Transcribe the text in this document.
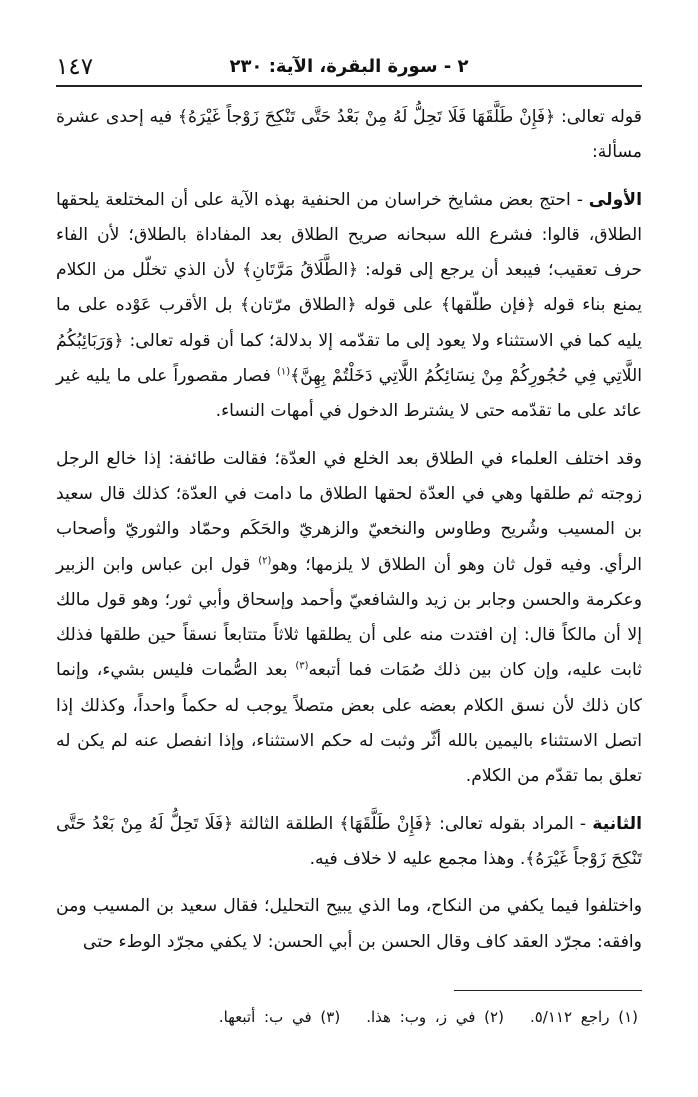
١٤٧	٢ - سورة البقرة، الآية: ٢٣٠

قوله تعالى: ﴿فَإِنْ طَلَّقَهَا فَلَا تَحِلُّ لَهُ مِنْ بَعْدُ حَتَّى تَنْكِحَ زَوْجاً غَيْرَهُ﴾ فيه إحدى عشرة مسألة:

الأولى - احتج بعض مشايخ خراسان من الحنفية بهذه الآية على أن المختلعة يلحقها الطلاق، قالوا: فشرع الله سبحانه صريح الطلاق بعد المفاداة بالطلاق؛ لأن الفاء حرف تعقيب؛ فيبعد أن يرجع إلى قوله: ﴿الطَّلَاقُ مَرَّتَانِ﴾ لأن الذي تخلّل من الكلام يمنع بناء قوله ﴿فإن طلّقها﴾ على قوله ﴿الطلاق مرّتان﴾ بل الأقرب عَوْده على ما يليه كما في الاستثناء ولا يعود إلى ما تقدّمه إلا بدلالة؛ كما أن قوله تعالى: ﴿وَرَبَائِبُكُمُ اللَّاتِي فِي حُجُورِكُمْ مِنْ نِسَائِكُمُ اللَّاتِي دَخَلْتُمْ بِهِنَّ﴾$^{(١)}$ فصار مقصوراً على ما يليه غير عائد على ما تقدّمه حتى لا يشترط الدخول في أمهات النساء.

وقد اختلف العلماء في الطلاق بعد الخلع في العدّة؛ فقالت طائفة: إذا خالع الرجل زوجته ثم طلقها وهي في العدّة لحقها الطلاق ما دامت في العدّة؛ كذلك قال سعيد بن المسيب وشُريح وطاوس والنخعيّ والزهريّ والحَكَم وحمّاد والثوريّ وأصحاب الرأي. وفيه قول ثان وهو أن الطلاق لا يلزمها؛ وهو$^{(٢)}$ قول ابن عباس وابن الزبير وعكرمة والحسن وجابر بن زيد والشافعيّ وأحمد وإسحاق وأبي ثور؛ وهو قول مالك إلا أن مالكاً قال: إن افتدت منه على أن يطلقها ثلاثاً متتابعاً نسقاً حين طلقها فذلك ثابت عليه، وإن كان بين ذلك صُمَات فما أتبعه$^{(٣)}$ بعد الصُّمات فليس بشيء، وإنما كان ذلك لأن نسق الكلام بعضه على بعض متصلاً يوجب له حكماً واحداً، وكذلك إذا اتصل الاستثناء باليمين بالله أثّر وثبت له حكم الاستثناء، وإذا انفصل عنه لم يكن له تعلق بما تقدّم من الكلام.

الثانية - المراد بقوله تعالى: ﴿فَإِنْ طَلَّقَهَا﴾ الطلقة الثالثة ﴿فَلَا تَحِلُّ لَهُ مِنْ بَعْدُ حَتَّى تَنْكِحَ زَوْجاً غَيْرَهُ﴾. وهذا مجمع عليه لا خلاف فيه.

واختلفوا فيما يكفي من النكاح، وما الذي يبيح التحليل؛ فقال سعيد بن المسيب ومن وافقه: مجرّد العقد كاف وقال الحسن بن أبي الحسن: لا يكفي مجرّد الوطء حتى

(١) راجع ٥/١١٢.(٢) في ز، وب: هذا.(٣) في ب: أتبعها.
